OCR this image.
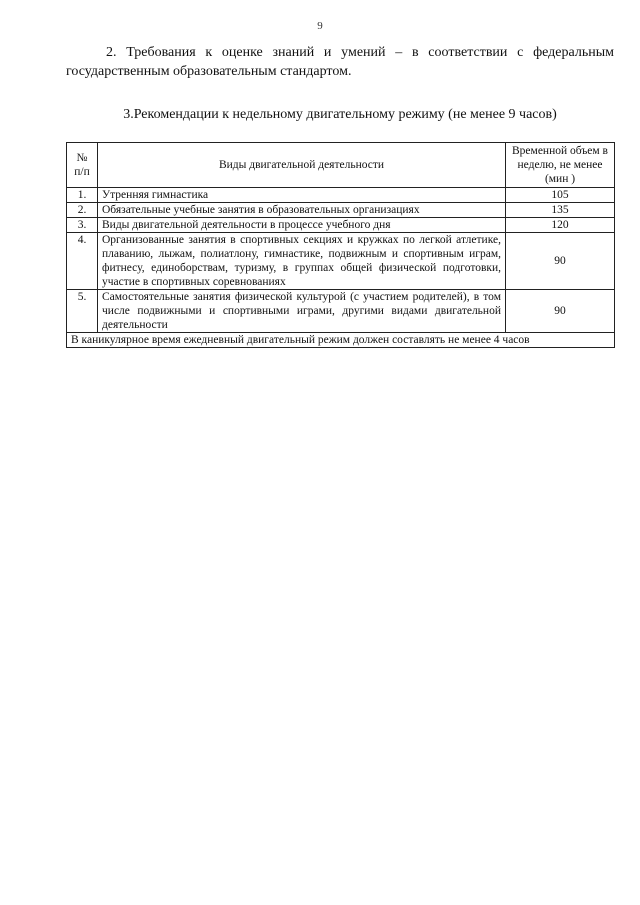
9
2. Требования к оценке знаний и умений – в соответствии с федеральным государственным образовательным стандартом.
3.Рекомендации к недельному двигательному режиму (не менее 9 часов)
№ п/п	Виды двигательной деятельности	Временной объем в неделю, не менее (мин )
1.	Утренняя гимнастика	105
2.	Обязательные учебные занятия в образовательных организациях	135
3.	Виды двигательной деятельности в процессе учебного дня	120
4.	Организованные занятия в спортивных секциях и кружках по легкой атлетике, плаванию, лыжам, полиатлону, гимнастике, подвижным и спортивным играм, фитнесу, единоборствам, туризму, в группах общей физической подготовки, участие в спортивных соревнованиях	90
5.	Самостоятельные занятия физической культурой (с участием родителей), в том числе подвижными и спортивными играми, другими видами двигательной деятельности	90
В каникулярное время ежедневный двигательный режим должен составлять не менее 4 часов		
